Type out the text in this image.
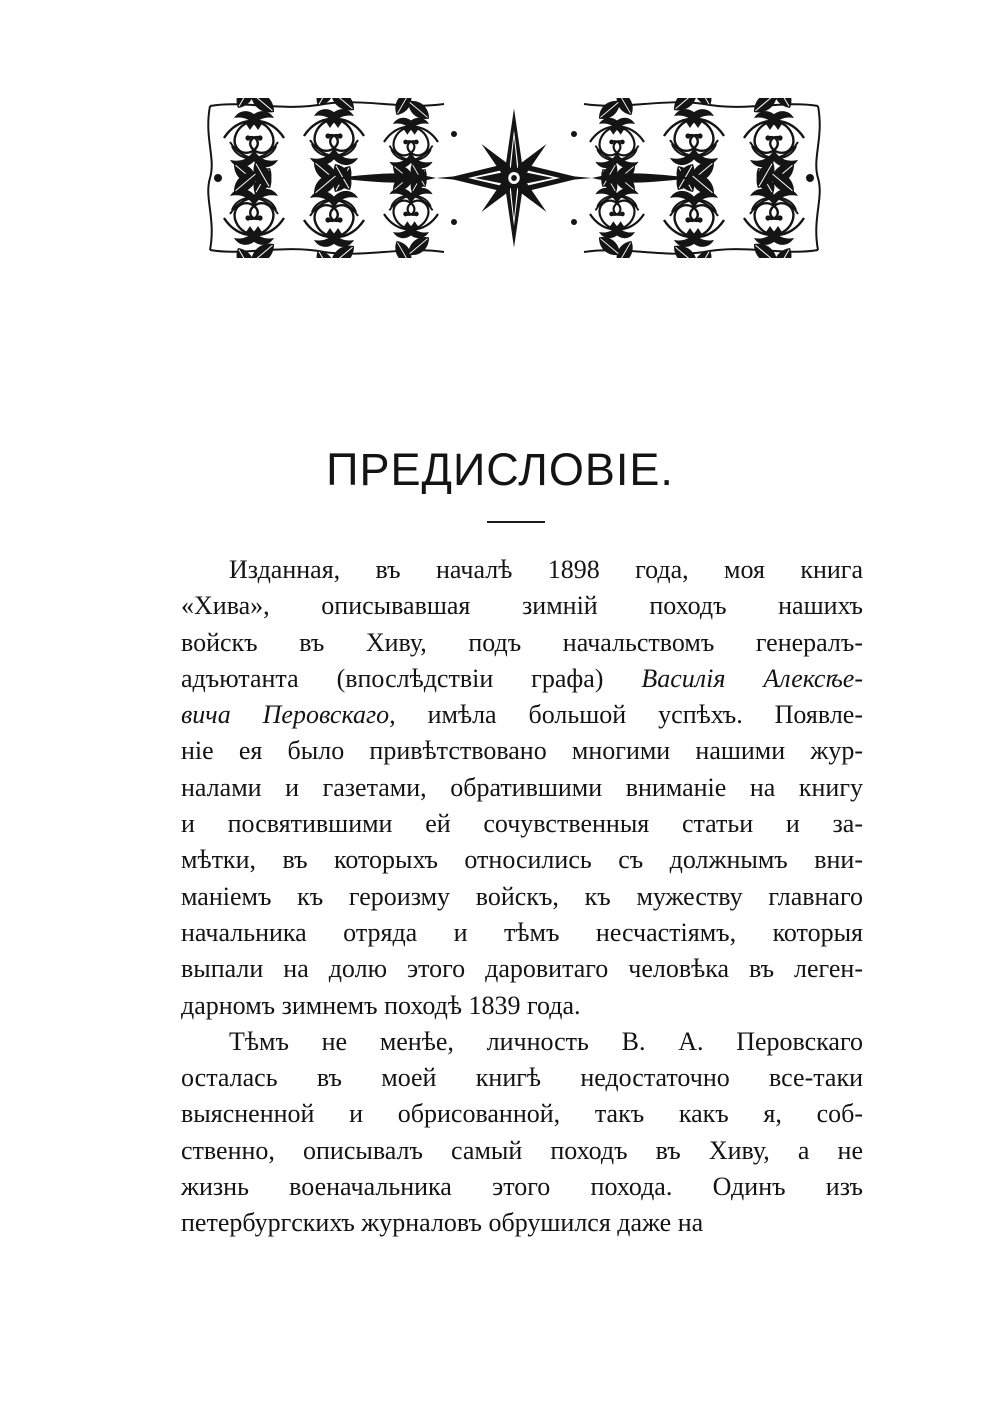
ПРЕДИСЛОВІЕ.

Изданная, въ началѣ 1898 года, моя книга
«Хива», описывавшая зимній походъ нашихъ
войскъ въ Хиву, подъ начальствомъ генералъ-
адъютанта (впослѣдствіи графа) Василія Алексѣе-
вича Перовскаго, имѣла большой успѣхъ. Появле-
ніе ея было привѣтствовано многими нашими жур-
налами и газетами, обратившими вниманіе на книгу
и посвятившими ей сочувственныя статьи и за-
мѣтки, въ которыхъ относились съ должнымъ вни-
маніемъ къ героизму войскъ, къ мужеству главнаго
начальника отряда и тѣмъ несчастіямъ, которыя
выпали на долю этого даровитаго человѣка въ леген-
дарномъ зимнемъ походѣ 1839 года.

Тѣмъ не менѣе, личность В. А. Перовскаго
осталась въ моей книгѣ недостаточно все-таки
выясненной и обрисованной, такъ какъ я, соб-
ственно, описывалъ самый походъ въ Хиву, а не
жизнь военачальника этого похода. Одинъ изъ
петербургскихъ журналовъ обрушился даже на
